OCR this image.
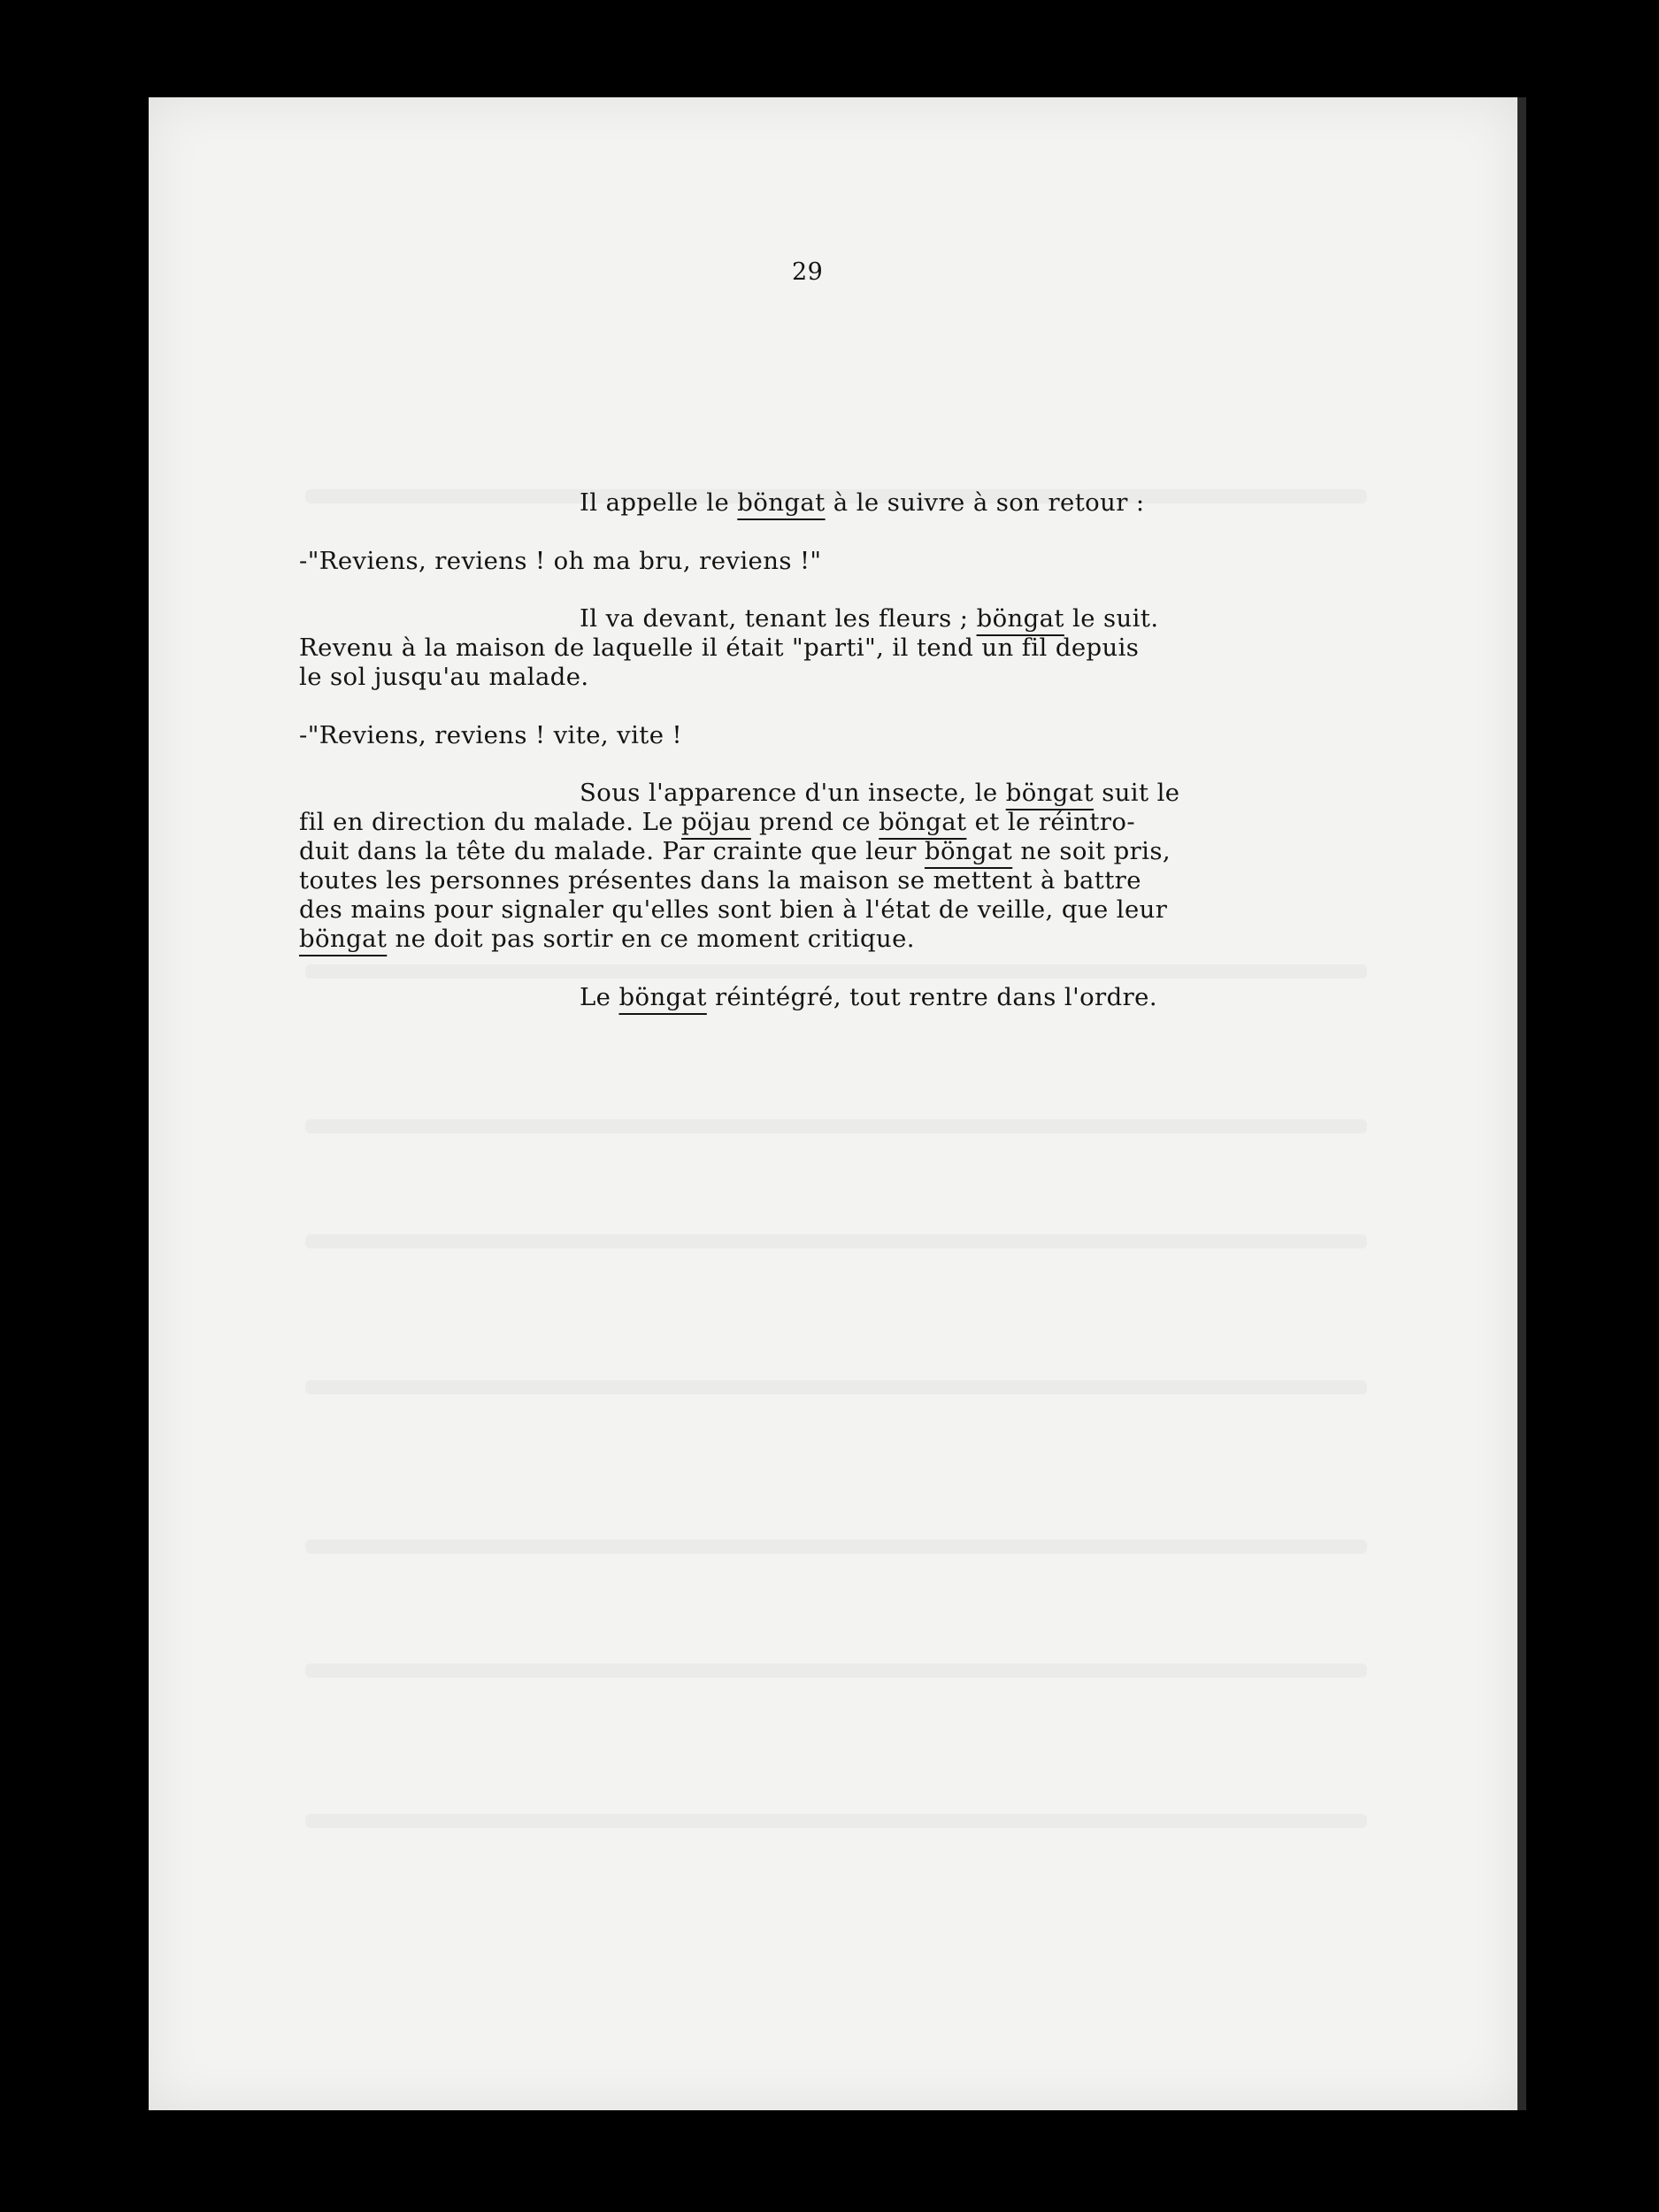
29
Il appelle le böngat à le suivre à son retour :
-"Reviens, reviens ! oh ma bru, reviens !"
Il va devant, tenant les fleurs ; böngat le suit.
Revenu à la maison de laquelle il était "parti", il tend un fil depuis
le sol jusqu'au malade.
-"Reviens, reviens ! vite, vite !
Sous l'apparence d'un insecte, le böngat suit le
fil en direction du malade. Le pöjau prend ce böngat et le réintro-
duit dans la tête du malade. Par crainte que leur böngat ne soit pris,
toutes les personnes présentes dans la maison se mettent à battre
des mains pour signaler qu'elles sont bien à l'état de veille, que leur
böngat ne doit pas sortir en ce moment critique.
Le böngat réintégré, tout rentre dans l'ordre.
